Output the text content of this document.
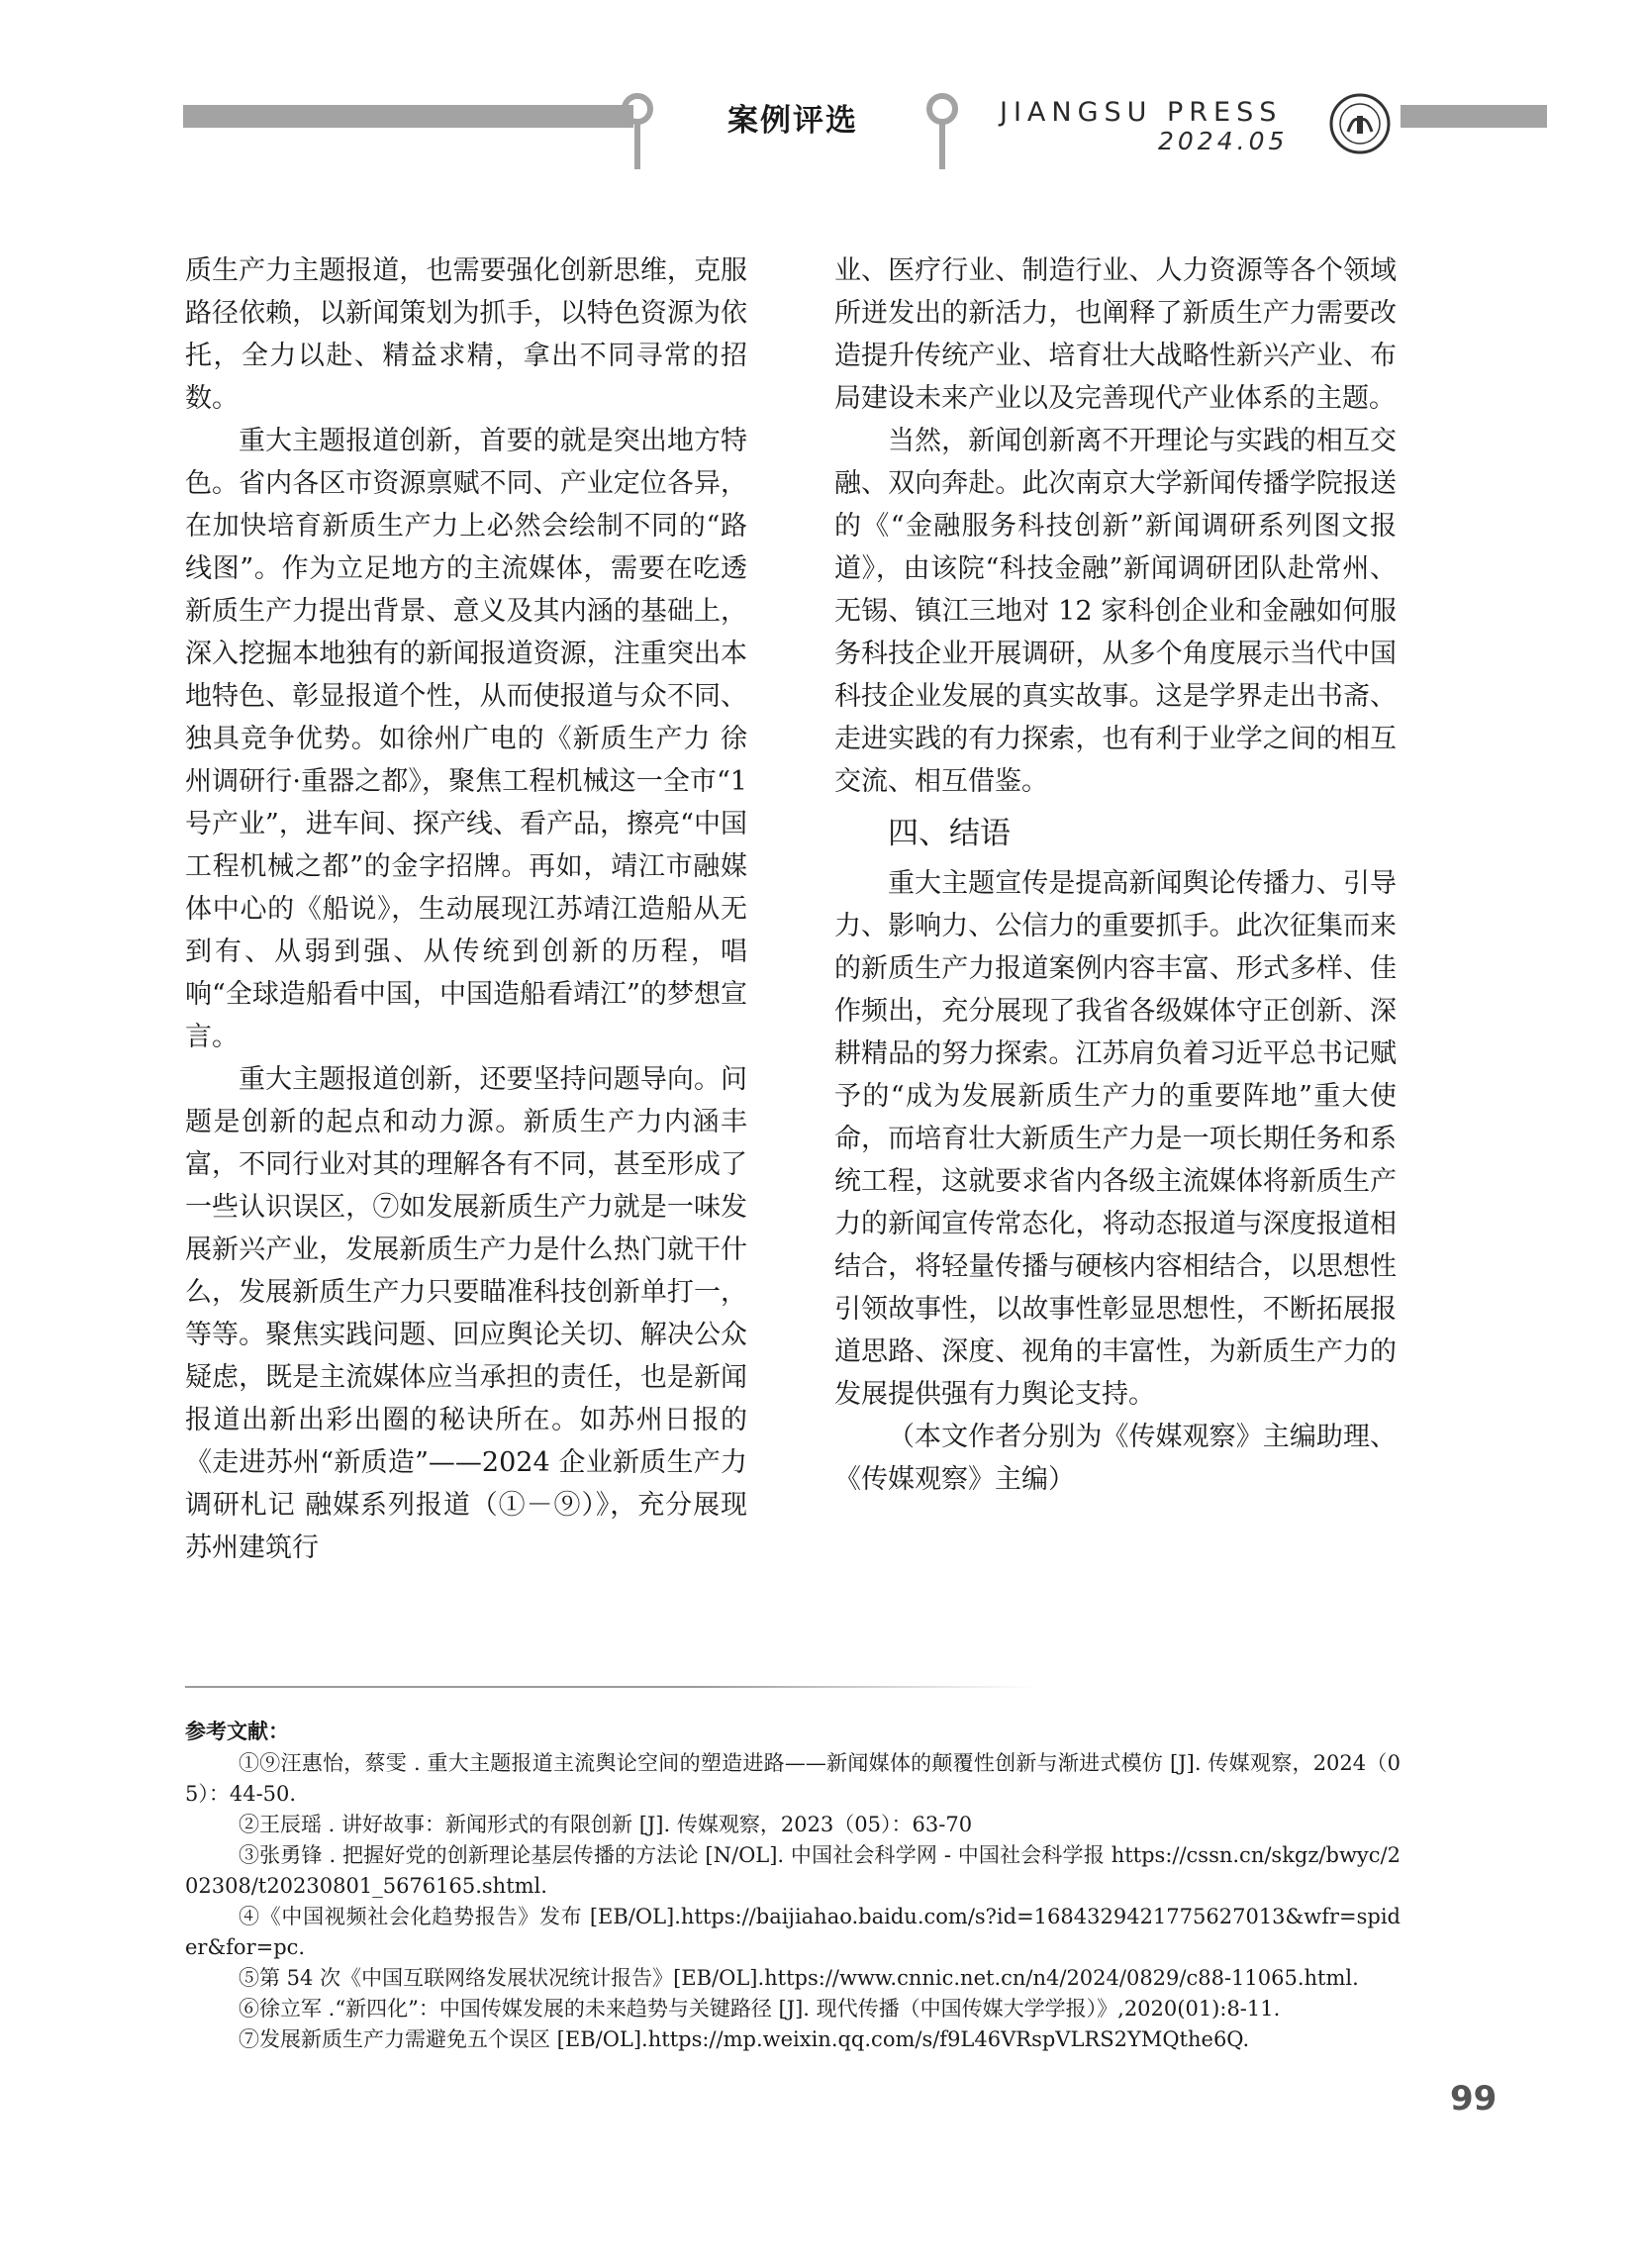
案例评选	JIANGSU PRESS
2024.05

质生产力主题报道，也需要强化创新思维，克服路径依赖，以新闻策划为抓手，以特色资源为依托，全力以赴、精益求精，拿出不同寻常的招数。

重大主题报道创新，首要的就是突出地方特色。省内各区市资源禀赋不同、产业定位各异，在加快培育新质生产力上必然会绘制不同的“路线图”。作为立足地方的主流媒体，需要在吃透新质生产力提出背景、意义及其内涵的基础上，深入挖掘本地独有的新闻报道资源，注重突出本地特色、彰显报道个性，从而使报道与众不同、独具竞争优势。如徐州广电的《新质生产力 徐州调研行·重器之都》，聚焦工程机械这一全市“1 号产业”，进车间、探产线、看产品，擦亮“中国工程机械之都”的金字招牌。再如，靖江市融媒体中心的《船说》，生动展现江苏靖江造船从无到有、从弱到强、从传统到创新的历程，唱响“全球造船看中国，中国造船看靖江”的梦想宣言。

重大主题报道创新，还要坚持问题导向。问题是创新的起点和动力源。新质生产力内涵丰富，不同行业对其的理解各有不同，甚至形成了一些认识误区，⑦如发展新质生产力就是一味发展新兴产业，发展新质生产力是什么热门就干什么，发展新质生产力只要瞄准科技创新单打一，等等。聚焦实践问题、回应舆论关切、解决公众疑虑，既是主流媒体应当承担的责任，也是新闻报道出新出彩出圈的秘诀所在。如苏州日报的《走进苏州“新质造”——2024 企业新质生产力调研札记 融媒系列报道（①－⑨）》，充分展现苏州建筑行

业、医疗行业、制造行业、人力资源等各个领域所迸发出的新活力，也阐释了新质生产力需要改造提升传统产业、培育壮大战略性新兴产业、布局建设未来产业以及完善现代产业体系的主题。

当然，新闻创新离不开理论与实践的相互交融、双向奔赴。此次南京大学新闻传播学院报送的《“金融服务科技创新”新闻调研系列图文报道》，由该院“科技金融”新闻调研团队赴常州、无锡、镇江三地对 12 家科创企业和金融如何服务科技企业开展调研，从多个角度展示当代中国科技企业发展的真实故事。这是学界走出书斋、走进实践的有力探索，也有利于业学之间的相互交流、相互借鉴。

四、结语

重大主题宣传是提高新闻舆论传播力、引导力、影响力、公信力的重要抓手。此次征集而来的新质生产力报道案例内容丰富、形式多样、佳作频出，充分展现了我省各级媒体守正创新、深耕精品的努力探索。江苏肩负着习近平总书记赋予的“成为发展新质生产力的重要阵地”重大使命，而培育壮大新质生产力是一项长期任务和系统工程，这就要求省内各级主流媒体将新质生产力的新闻宣传常态化，将动态报道与深度报道相结合，将轻量传播与硬核内容相结合，以思想性引领故事性，以故事性彰显思想性，不断拓展报道思路、深度、视角的丰富性，为新质生产力的发展提供强有力舆论支持。

（本文作者分别为《传媒观察》主编助理、《传媒观察》主编）

参考文献：

①⑨汪惠怡，蔡雯 . 重大主题报道主流舆论空间的塑造进路——新闻媒体的颠覆性创新与渐进式模仿 [J]. 传媒观察，2024（05）：44-50.

②王辰瑶 . 讲好故事：新闻形式的有限创新 [J]. 传媒观察，2023（05）：63-70

③张勇锋 . 把握好党的创新理论基层传播的方法论 [N/OL]. 中国社会科学网 - 中国社会科学报 https://cssn.cn/skgz/bwyc/202308/t20230801_5676165.shtml.

④《中国视频社会化趋势报告》发布 [EB/OL].https://baijiahao.baidu.com/s?id=1684329421775627013&wfr=spider&for=pc.

⑤第 54 次《中国互联网络发展状况统计报告》[EB/OL].https://www.cnnic.net.cn/n4/2024/0829/c88-11065.html.

⑥徐立军 .“新四化”：中国传媒发展的未来趋势与关键路径 [J]. 现代传播（中国传媒大学学报）》,2020(01):8-11.

⑦发展新质生产力需避免五个误区 [EB/OL].https://mp.weixin.qq.com/s/f9L46VRspVLRS2YMQthe6Q.

99
